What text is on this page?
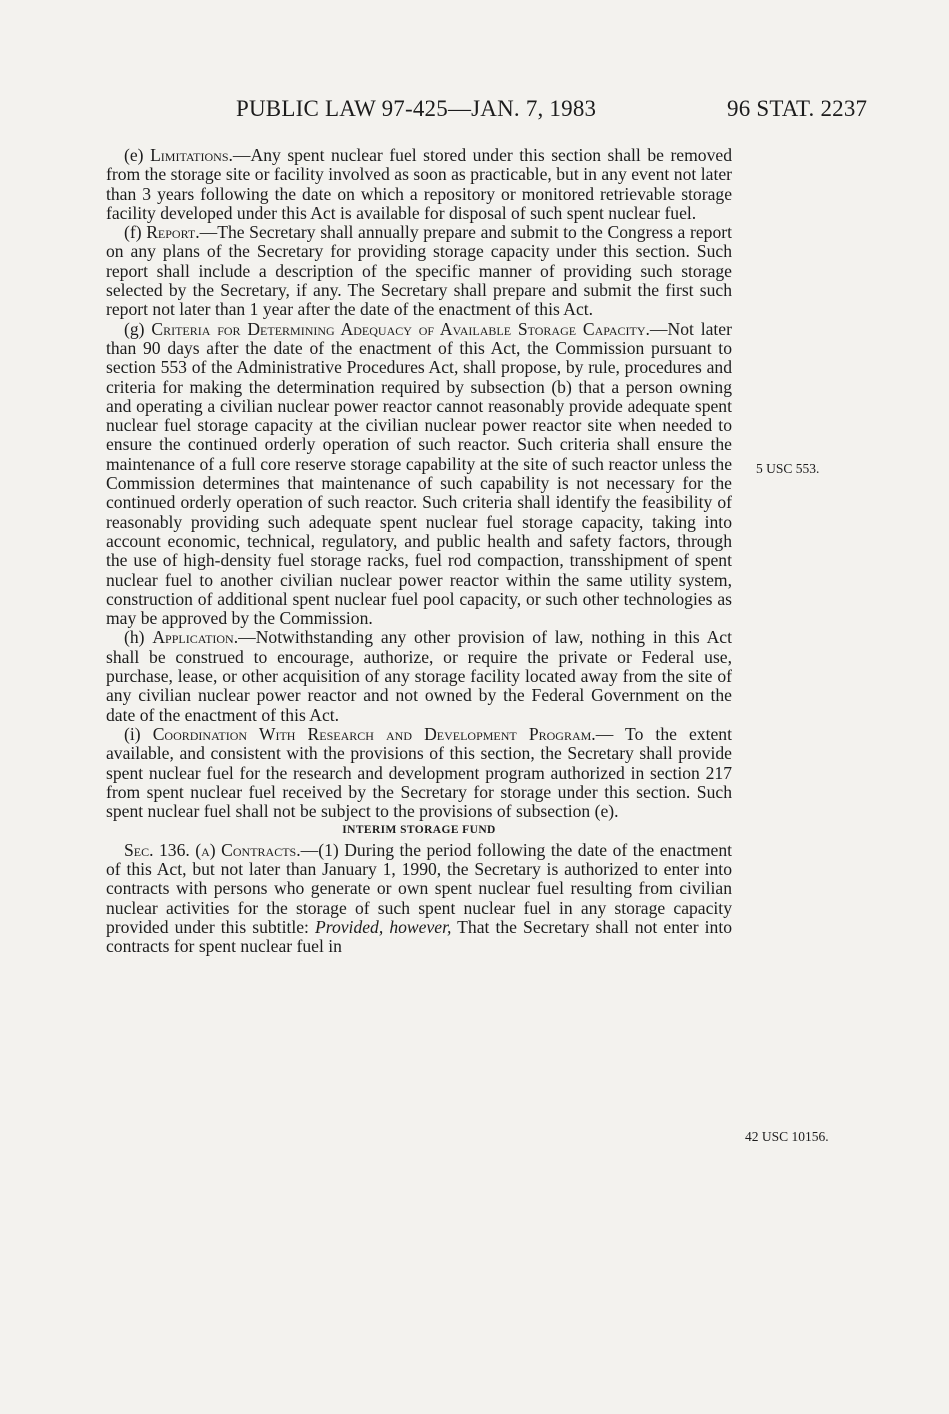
PUBLIC LAW 97-425—JAN. 7, 1983	96 STAT. 2237

(e) Limitations.—Any spent nuclear fuel stored under this section shall be removed from the storage site or facility involved as soon as practicable, but in any event not later than 3 years following the date on which a repository or monitored retrievable storage facility developed under this Act is available for disposal of such spent nuclear fuel.

(f) Report.—The Secretary shall annually prepare and submit to the Congress a report on any plans of the Secretary for providing storage capacity under this section. Such report shall include a description of the specific manner of providing such storage selected by the Secretary, if any. The Secretary shall prepare and submit the first such report not later than 1 year after the date of the enactment of this Act.

(g) Criteria for Determining Adequacy of Available Storage Capacity.—Not later than 90 days after the date of the enactment of this Act, the Commission pursuant to section 553 of the Administrative Procedures Act, shall propose, by rule, procedures and criteria for making the determination required by subsection (b) that a person owning and operating a civilian nuclear power reactor cannot reasonably provide adequate spent nuclear fuel storage capacity at the civilian nuclear power reactor site when needed to ensure the continued orderly operation of such reactor. Such criteria shall ensure the maintenance of a full core reserve storage capability at the site of such reactor unless the Commission determines that maintenance of such capability is not necessary for the continued orderly operation of such reactor. Such criteria shall identify the feasibility of reasonably providing such adequate spent nuclear fuel storage capacity, taking into account economic, technical, regulatory, and public health and safety factors, through the use of high-density fuel storage racks, fuel rod compaction, transshipment of spent nuclear fuel to another civilian nuclear power reactor within the same utility system, construction of additional spent nuclear fuel pool capacity, or such other technologies as may be approved by the Commission.

(h) Application.—Notwithstanding any other provision of law, nothing in this Act shall be construed to encourage, authorize, or require the private or Federal use, purchase, lease, or other acquisition of any storage facility located away from the site of any civilian nuclear power reactor and not owned by the Federal Government on the date of the enactment of this Act.

(i) Coordination With Research and Development Program.— To the extent available, and consistent with the provisions of this section, the Secretary shall provide spent nuclear fuel for the research and development program authorized in section 217 from spent nuclear fuel received by the Secretary for storage under this section. Such spent nuclear fuel shall not be subject to the provisions of subsection (e).

INTERIM STORAGE FUND

Sec. 136. (a) Contracts.—(1) During the period following the date of the enactment of this Act, but not later than January 1, 1990, the Secretary is authorized to enter into contracts with persons who generate or own spent nuclear fuel resulting from civilian nuclear activities for the storage of such spent nuclear fuel in any storage capacity provided under this subtitle: Provided, however, That the Secretary shall not enter into contracts for spent nuclear fuel in

5 USC 553.
42 USC 10156.
